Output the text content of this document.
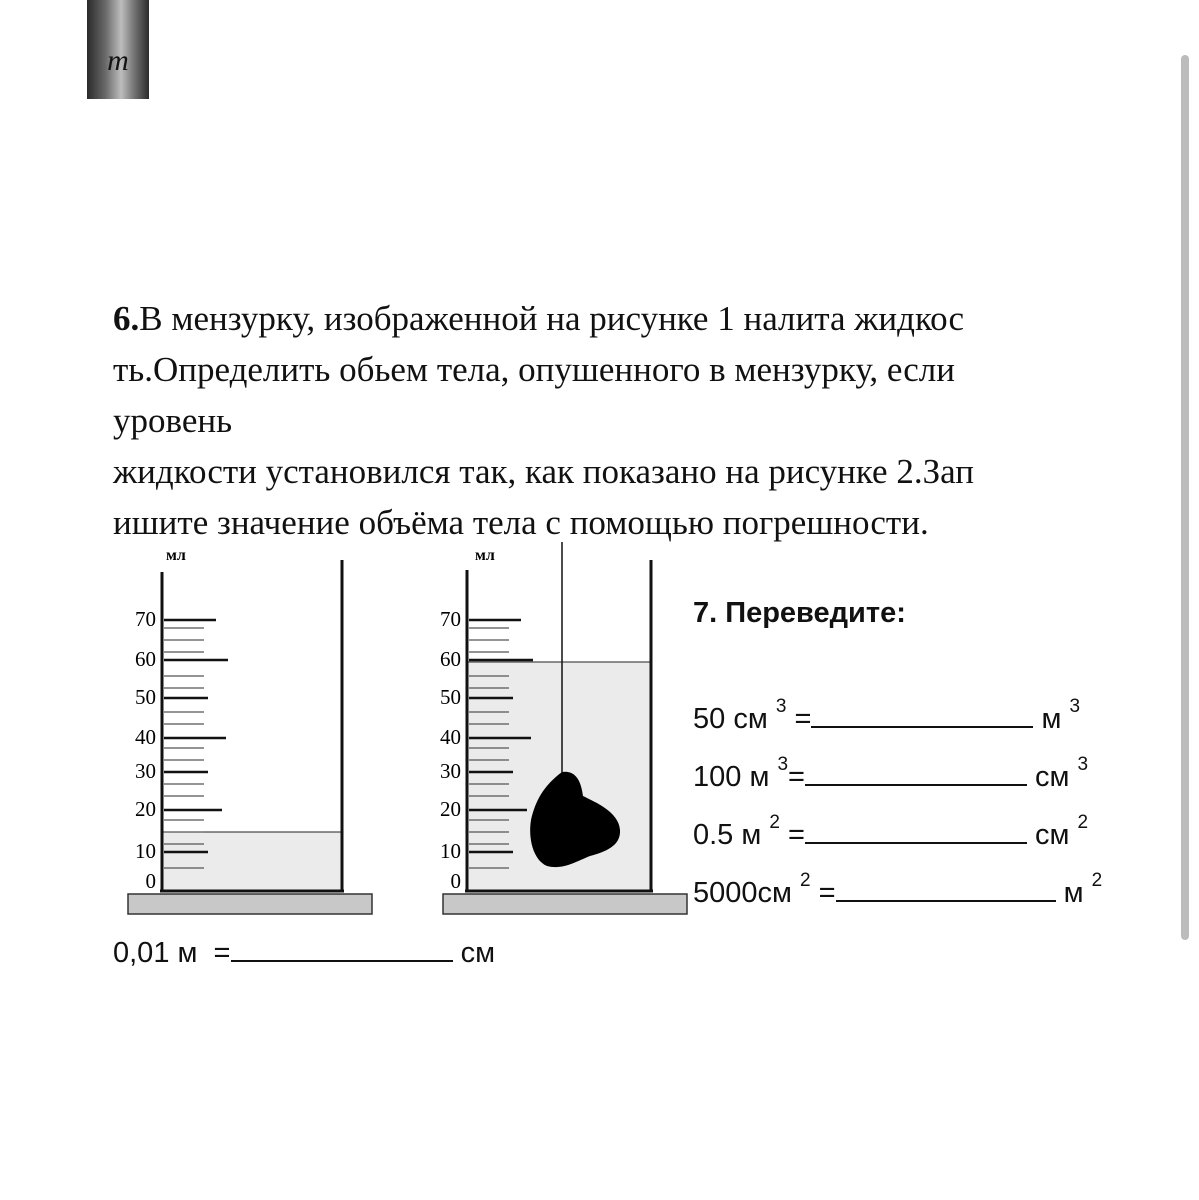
m

6.В мензурку, изображенной на рисунке 1 налита жидкос
ть.Определить обьем тела, опушенного в мензурку, если
уровень
жидкости установился так, как показано на рисунке 2.Зап
ишите значение объёма тела с помощью погрешности.

мл
70
60
50
40
30
20
10
0
мл
70
60
50
40
30
20
10
0

7. Переведите:

50 см $^3$ =	м $^3$

100 м $^3$=	см $^3$

0.5 м $^2$ =	см $^2$

5000см $^2$ =	м $^2$

0,01 м  =	см
